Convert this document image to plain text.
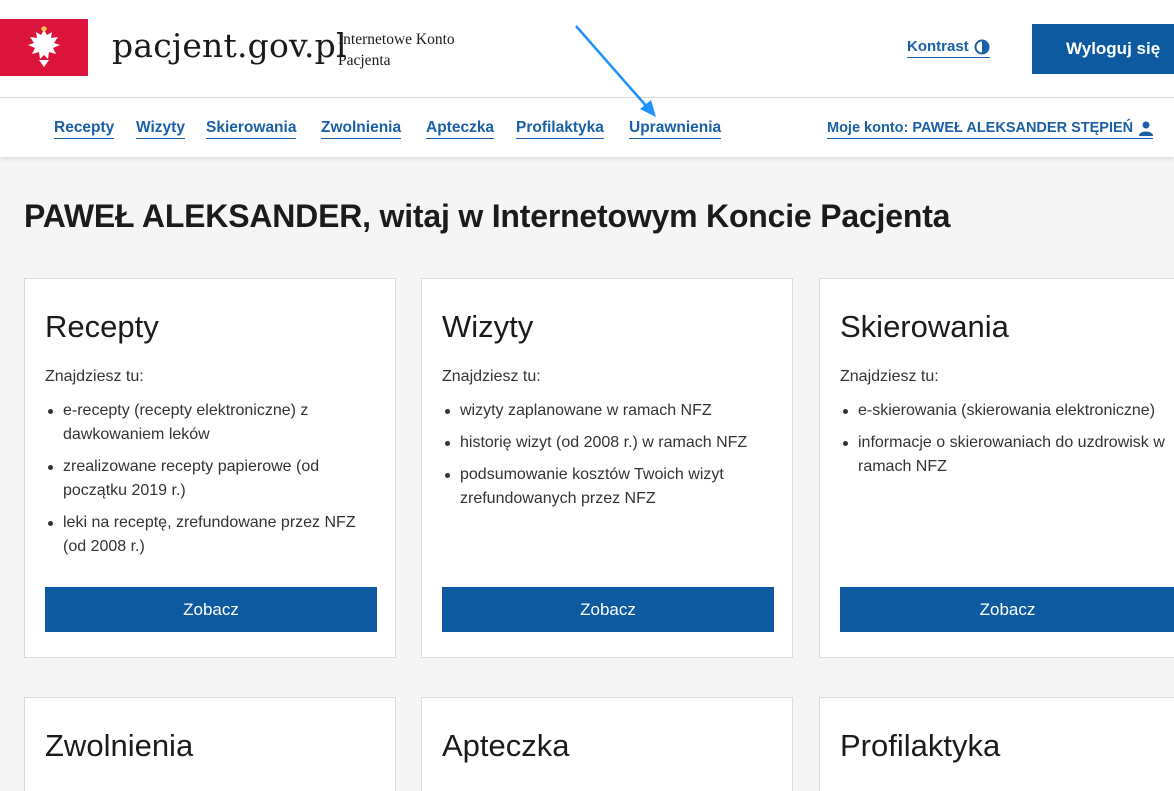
pacjent.gov.pl
Internetowe Konto Pacjenta
Kontrast	Wyloguj się
Recepty Wizyty Skierowania Zwolnienia Apteczka Profilaktyka Uprawnienia	Moje konto: PAWEŁ ALEKSANDER STĘPIEŃ
PAWEŁ ALEKSANDER, witaj w Internetowym Koncie Pacjenta
Recepty
Znajdziesz tu:
e-recepty (recepty elektroniczne) z dawkowaniem leków
zrealizowane recepty papierowe (od początku 2019 r.)
leki na receptę, zrefundowane przez NFZ (od 2008 r.)
Zobacz
Wizyty
Znajdziesz tu:
wizyty zaplanowane w ramach NFZ
historię wizyt (od 2008 r.) w ramach NFZ
podsumowanie kosztów Twoich wizyt zrefundowanych przez NFZ
Zobacz
Skierowania
Znajdziesz tu:
e-skierowania (skierowania elektroniczne)
informacje o skierowaniach do uzdrowisk w ramach NFZ
Zobacz
Zwolnienia	Apteczka	Profilaktyka
